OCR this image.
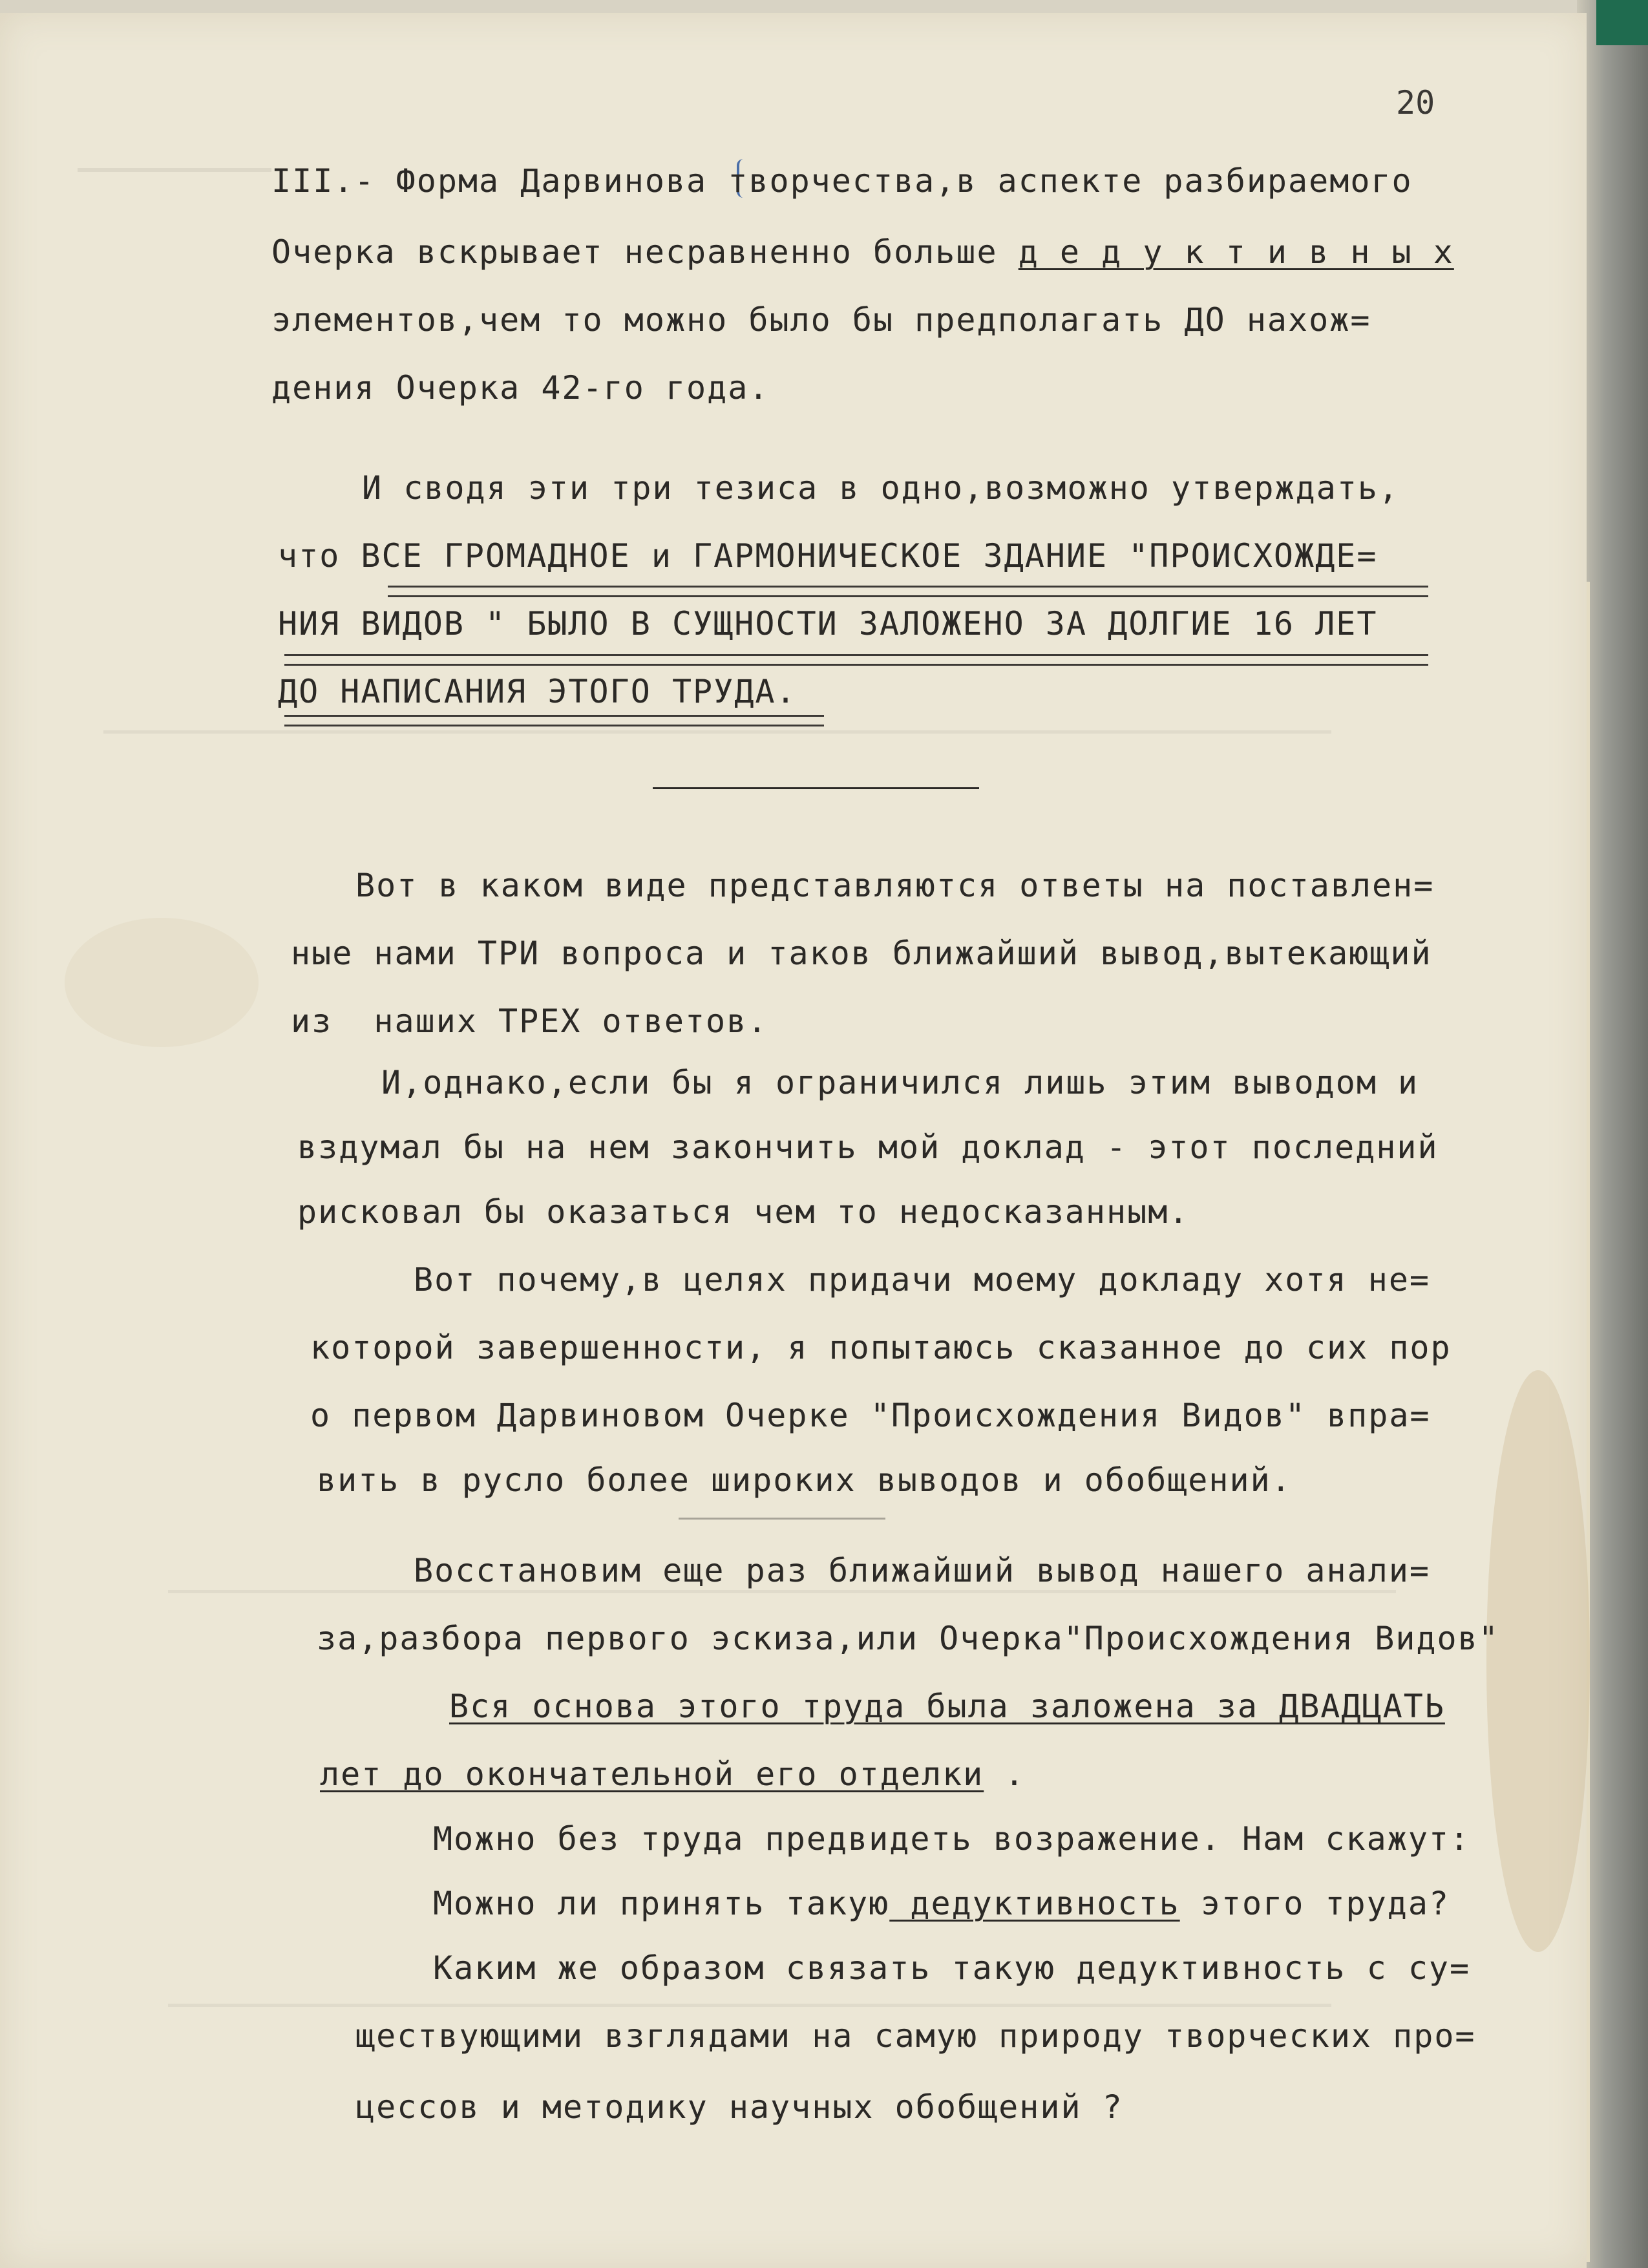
20
III.- Форма Дарвинова творчества,в аспекте разбираемого
Очерка вскрывает несравненно больше д е д у к т и в н ы х
элементов,чем то можно было бы предполагать ДО нахож=
дения Очерка 42-го года.
И сводя эти три тезиса в одно,возможно утверждать,
что ВСЕ ГРОМАДНОЕ и ГАРМОНИЧЕСКОЕ ЗДАНИЕ "ПРОИСХОЖДЕ=
НИЯ ВИДОВ " БЫЛО В СУЩНОСТИ ЗАЛОЖЕНО ЗА ДОЛГИЕ 16 ЛЕТ
ДО НАПИСАНИЯ ЭТОГО ТРУДА.
Вот в каком виде представляются ответы на поставлен=
ные нами ТРИ вопроса и таков ближайший вывод,вытекающий
из  наших ТРЕХ ответов.
И,однако,если бы я ограничился лишь этим выводом и
вздумал бы на нем закончить мой доклад - этот последний
рисковал бы оказаться чем то недосказанным.
Вот почему,в целях придачи моему докладу хотя не=
которой завершенности, я попытаюсь сказанное до сих пор
о первом Дарвиновом Очерке "Происхождения Видов" впра=
вить в русло более широких выводов и обобщений.
Восстановим еще раз ближайший вывод нашего анали=
за,разбора первого эскиза,или Очерка"Происхождения Видов"
Вся основа этого труда была заложена за ДВАДЦАТЬ
лет до окончательной его отделки .
Можно без труда предвидеть возражение. Нам скажут:
Можно ли принять такую дедуктивность этого труда?
Каким же образом связать такую дедуктивность с су=
ществующими взглядами на самую природу творческих про=
цессов и методику научных обобщений ?
